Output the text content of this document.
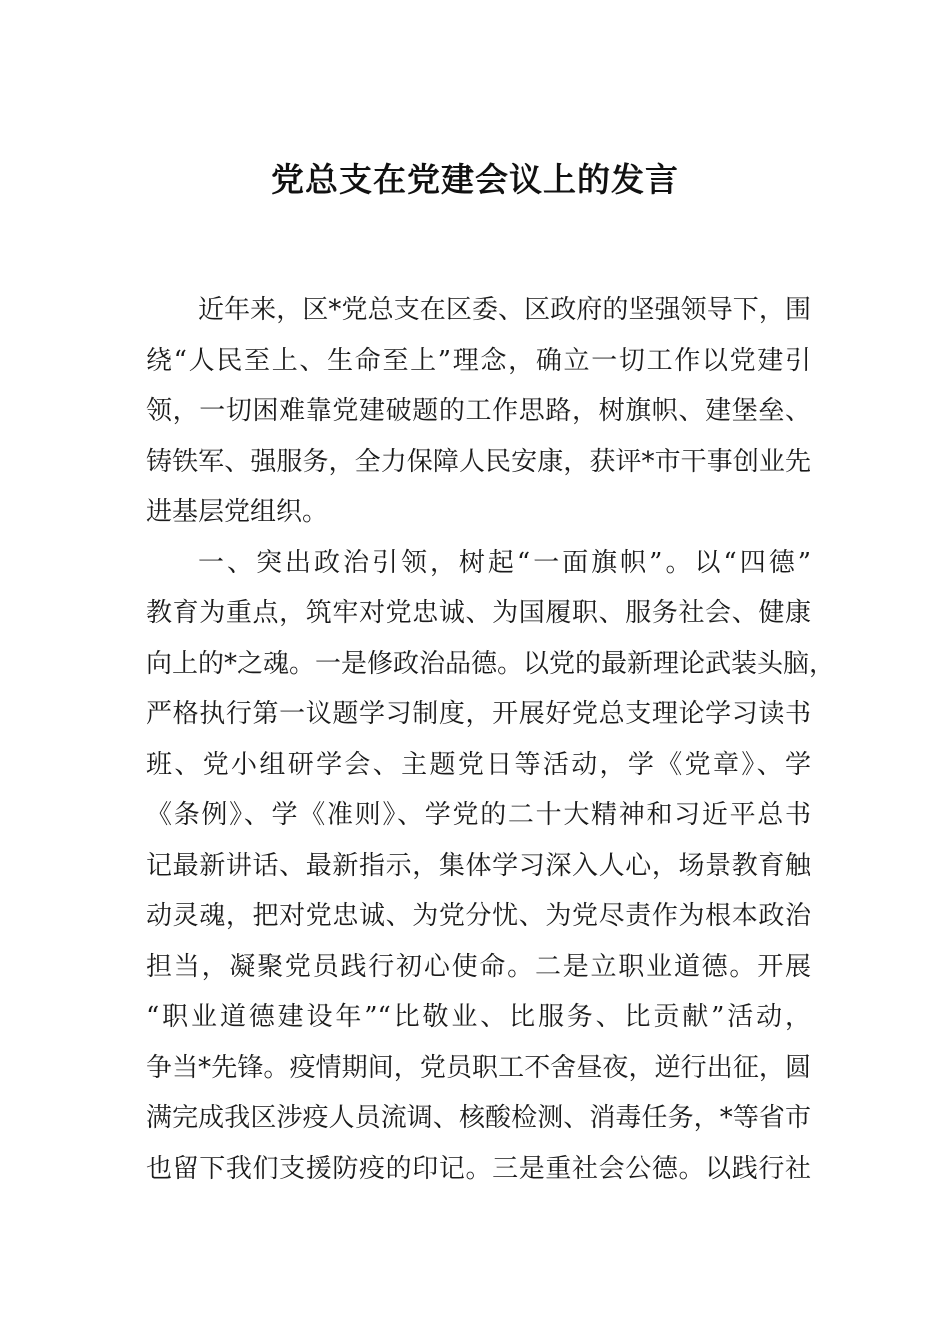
党总支在党建会议上的发言
近年来，区*党总支在区委、区政府的坚强领导下，围
绕“人民至上、生命至上”理念，确立一切工作以党建引
领，一切困难靠党建破题的工作思路，树旗帜、建堡垒、
铸铁军、强服务，全力保障人民安康，获评*市干事创业先
进基层党组织。
一、突出政治引领，树起“一面旗帜”。以“四德”
教育为重点，筑牢对党忠诚、为国履职、服务社会、健康
向上的*之魂。一是修政治品德。以党的最新理论武装头脑，
严格执行第一议题学习制度，开展好党总支理论学习读书
班、党小组研学会、主题党日等活动，学《党章》、学
《条例》、学《准则》、学党的二十大精神和习近平总书
记最新讲话、最新指示，集体学习深入人心，场景教育触
动灵魂，把对党忠诚、为党分忧、为党尽责作为根本政治
担当，凝聚党员践行初心使命。二是立职业道德。开展
“职业道德建设年”“比敬业、比服务、比贡献”活动，
争当*先锋。疫情期间，党员职工不舍昼夜，逆行出征，圆
满完成我区涉疫人员流调、核酸检测、消毒任务，*等省市
也留下我们支援防疫的印记。三是重社会公德。以践行社
